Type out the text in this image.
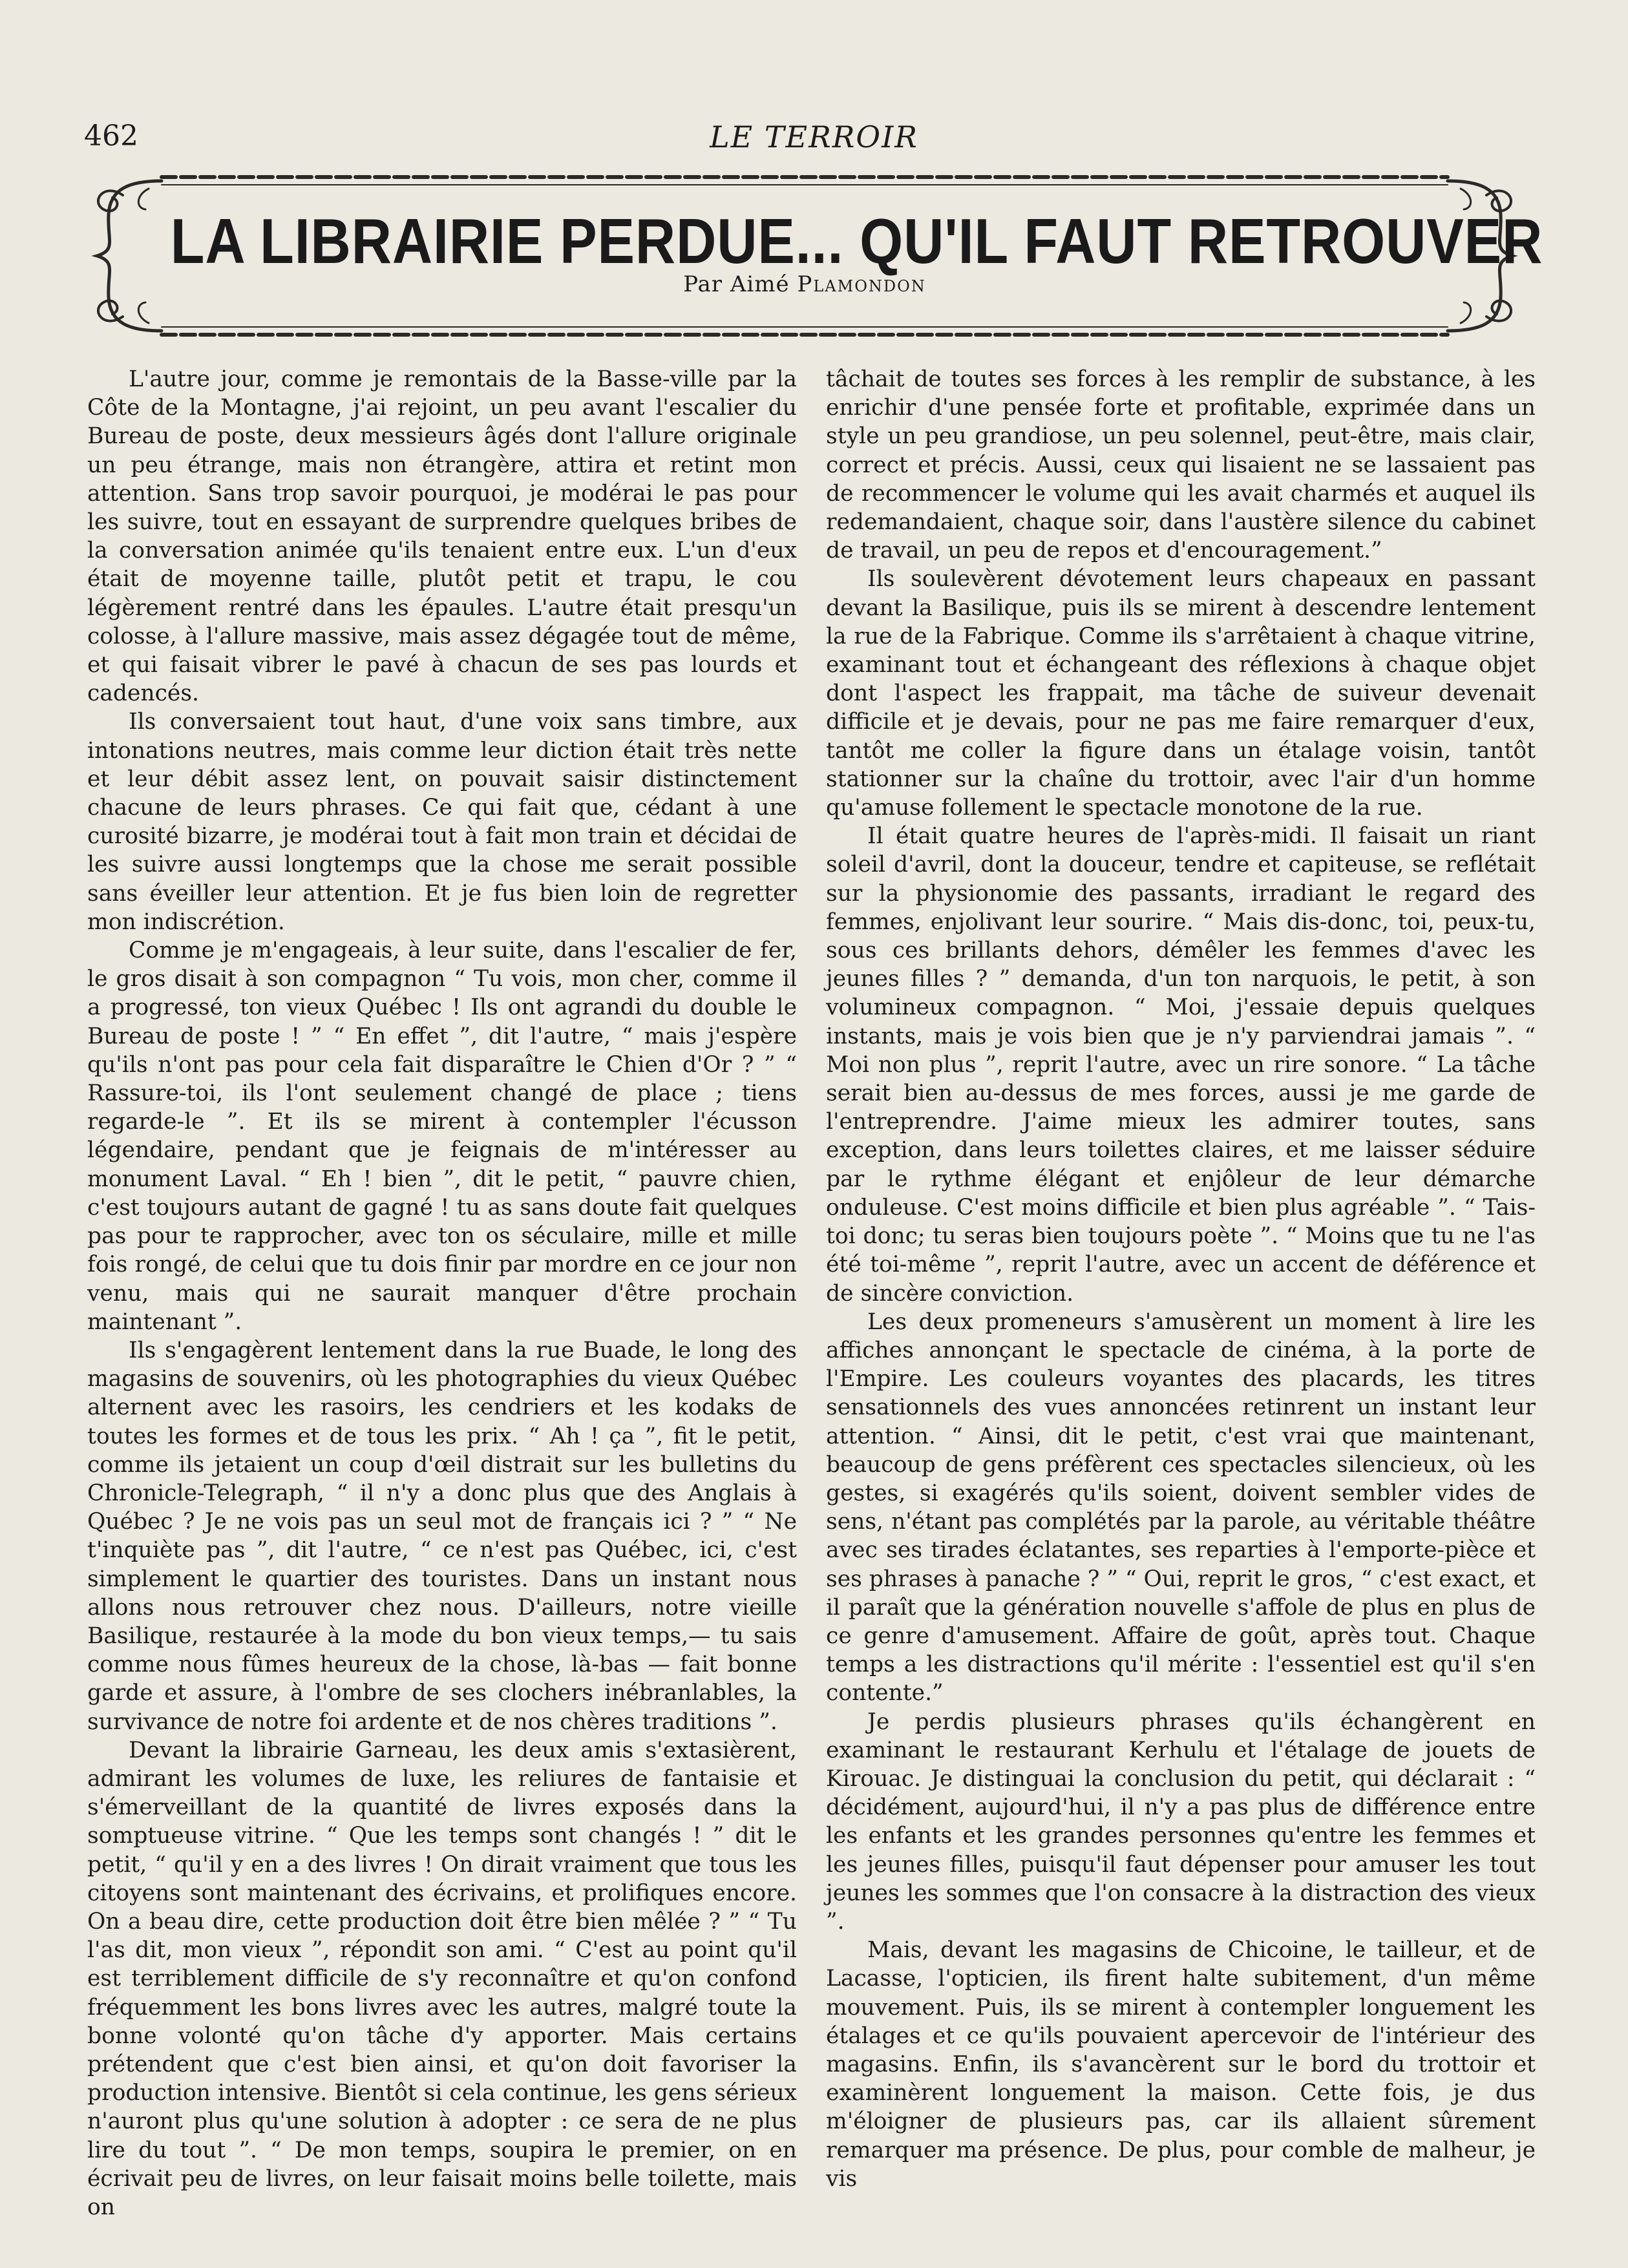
462	LE TERROIR
LA LIBRAIRIE PERDUE... QU'IL FAUT RETROUVER
Par Aimé Plamondon

L'autre jour, comme je remontais de la Basse-ville par la Côte de la Montagne, j'ai rejoint, un peu avant l'escalier du Bureau de poste, deux messieurs âgés dont l'allure originale un peu étrange, mais non étrangère, attira et retint mon attention. Sans trop savoir pourquoi, je modérai le pas pour les suivre, tout en essayant de surprendre quelques bribes de la conversation animée qu'ils tenaient entre eux. L'un d'eux était de moyenne taille, plutôt petit et trapu, le cou légèrement rentré dans les épaules. L'autre était presqu'un colosse, à l'allure massive, mais assez dégagée tout de même, et qui faisait vibrer le pavé à chacun de ses pas lourds et cadencés.

Ils conversaient tout haut, d'une voix sans timbre, aux intonations neutres, mais comme leur diction était très nette et leur débit assez lent, on pouvait saisir distinctement chacune de leurs phrases. Ce qui fait que, cédant à une curosité bizarre, je modérai tout à fait mon train et décidai de les suivre aussi longtemps que la chose me serait possible sans éveiller leur attention. Et je fus bien loin de regretter mon indiscrétion.

Comme je m'engageais, à leur suite, dans l'escalier de fer, le gros disait à son compagnon “ Tu vois, mon cher, comme il a progressé, ton vieux Québec ! Ils ont agrandi du double le Bureau de poste ! ” “ En effet ”, dit l'autre, “ mais j'espère qu'ils n'ont pas pour cela fait disparaître le Chien d'Or ? ” “ Rassure-toi, ils l'ont seulement changé de place ; tiens regarde-le ”. Et ils se mirent à contempler l'écusson légendaire, pendant que je feignais de m'intéresser au monument Laval. “ Eh ! bien ”, dit le petit, “ pauvre chien, c'est toujours autant de gagné ! tu as sans doute fait quelques pas pour te rapprocher, avec ton os séculaire, mille et mille fois rongé, de celui que tu dois finir par mordre en ce jour non venu, mais qui ne saurait manquer d'être prochain maintenant ”.

Ils s'engagèrent lentement dans la rue Buade, le long des magasins de souvenirs, où les photographies du vieux Québec alternent avec les rasoirs, les cendriers et les kodaks de toutes les formes et de tous les prix. “ Ah ! ça ”, fit le petit, comme ils jetaient un coup d'œil distrait sur les bulletins du Chronicle-Telegraph, “ il n'y a donc plus que des Anglais à Québec ? Je ne vois pas un seul mot de français ici ? ” “ Ne t'inquiète pas ”, dit l'autre, “ ce n'est pas Québec, ici, c'est simplement le quartier des touristes. Dans un instant nous allons nous retrouver chez nous. D'ailleurs, notre vieille Basilique, restaurée à la mode du bon vieux temps,— tu sais comme nous fûmes heureux de la chose, là-bas — fait bonne garde et assure, à l'ombre de ses clochers inébranlables, la survivance de notre foi ardente et de nos chères traditions ”.

Devant la librairie Garneau, les deux amis s'extasièrent, admirant les volumes de luxe, les reliures de fantaisie et s'émerveillant de la quantité de livres exposés dans la somptueuse vitrine. “ Que les temps sont changés ! ” dit le petit, “ qu'il y en a des livres ! On dirait vraiment que tous les citoyens sont maintenant des écrivains, et prolifiques encore. On a beau dire, cette production doit être bien mêlée ? ” “ Tu l'as dit, mon vieux ”, répondit son ami. “ C'est au point qu'il est terriblement difficile de s'y reconnaître et qu'on confond fréquemment les bons livres avec les autres, malgré toute la bonne volonté qu'on tâche d'y apporter. Mais certains prétendent que c'est bien ainsi, et qu'on doit favoriser la production intensive. Bientôt si cela continue, les gens sérieux n'auront plus qu'une solution à adopter : ce sera de ne plus lire du tout ”. “ De mon temps, soupira le premier, on en écrivait peu de livres, on leur faisait moins belle toilette, mais on

tâchait de toutes ses forces à les remplir de substance, à les enrichir d'une pensée forte et profitable, exprimée dans un style un peu grandiose, un peu solennel, peut-être, mais clair, correct et précis. Aussi, ceux qui lisaient ne se lassaient pas de recommencer le volume qui les avait charmés et auquel ils redemandaient, chaque soir, dans l'austère silence du cabinet de travail, un peu de repos et d'encouragement.”

Ils soulevèrent dévotement leurs chapeaux en passant devant la Basilique, puis ils se mirent à descendre lentement la rue de la Fabrique. Comme ils s'arrêtaient à chaque vitrine, examinant tout et échangeant des réflexions à chaque objet dont l'aspect les frappait, ma tâche de suiveur devenait difficile et je devais, pour ne pas me faire remarquer d'eux, tantôt me coller la figure dans un étalage voisin, tantôt stationner sur la chaîne du trottoir, avec l'air d'un homme qu'amuse follement le spectacle monotone de la rue.

Il était quatre heures de l'après-midi. Il faisait un riant soleil d'avril, dont la douceur, tendre et capiteuse, se reflétait sur la physionomie des passants, irradiant le regard des femmes, enjolivant leur sourire. “ Mais dis-donc, toi, peux-tu, sous ces brillants dehors, démêler les femmes d'avec les jeunes filles ? ” demanda, d'un ton narquois, le petit, à son volumineux compagnon. “ Moi, j'essaie depuis quelques instants, mais je vois bien que je n'y parviendrai jamais ”. “ Moi non plus ”, reprit l'autre, avec un rire sonore. “ La tâche serait bien au-dessus de mes forces, aussi je me garde de l'entreprendre. J'aime mieux les admirer toutes, sans exception, dans leurs toilettes claires, et me laisser séduire par le rythme élégant et enjôleur de leur démarche onduleuse. C'est moins difficile et bien plus agréable ”. “ Tais-toi donc; tu seras bien toujours poète ”. “ Moins que tu ne l'as été toi-même ”, reprit l'autre, avec un accent de déférence et de sincère conviction.

Les deux promeneurs s'amusèrent un moment à lire les affiches annonçant le spectacle de cinéma, à la porte de l'Empire. Les couleurs voyantes des placards, les titres sensationnels des vues annoncées retinrent un instant leur attention. “ Ainsi, dit le petit, c'est vrai que maintenant, beaucoup de gens préfèrent ces spectacles silencieux, où les gestes, si exagérés qu'ils soient, doivent sembler vides de sens, n'étant pas complétés par la parole, au véritable théâtre avec ses tirades éclatantes, ses reparties à l'emporte-pièce et ses phrases à panache ? ” “ Oui, reprit le gros, “ c'est exact, et il paraît que la génération nouvelle s'affole de plus en plus de ce genre d'amusement. Affaire de goût, après tout. Chaque temps a les distractions qu'il mérite : l'essentiel est qu'il s'en contente.”

Je perdis plusieurs phrases qu'ils échangèrent en examinant le restaurant Kerhulu et l'étalage de jouets de Kirouac. Je distinguai la conclusion du petit, qui déclarait : “ décidément, aujourd'hui, il n'y a pas plus de différence entre les enfants et les grandes personnes qu'entre les femmes et les jeunes filles, puisqu'il faut dépenser pour amuser les tout jeunes les sommes que l'on consacre à la distraction des vieux ”.

Mais, devant les magasins de Chicoine, le tailleur, et de Lacasse, l'opticien, ils firent halte subitement, d'un même mouvement. Puis, ils se mirent à contempler longuement les étalages et ce qu'ils pouvaient apercevoir de l'intérieur des magasins. Enfin, ils s'avancèrent sur le bord du trottoir et examinèrent longuement la maison. Cette fois, je dus m'éloigner de plusieurs pas, car ils allaient sûrement remarquer ma présence. De plus, pour comble de malheur, je vis
